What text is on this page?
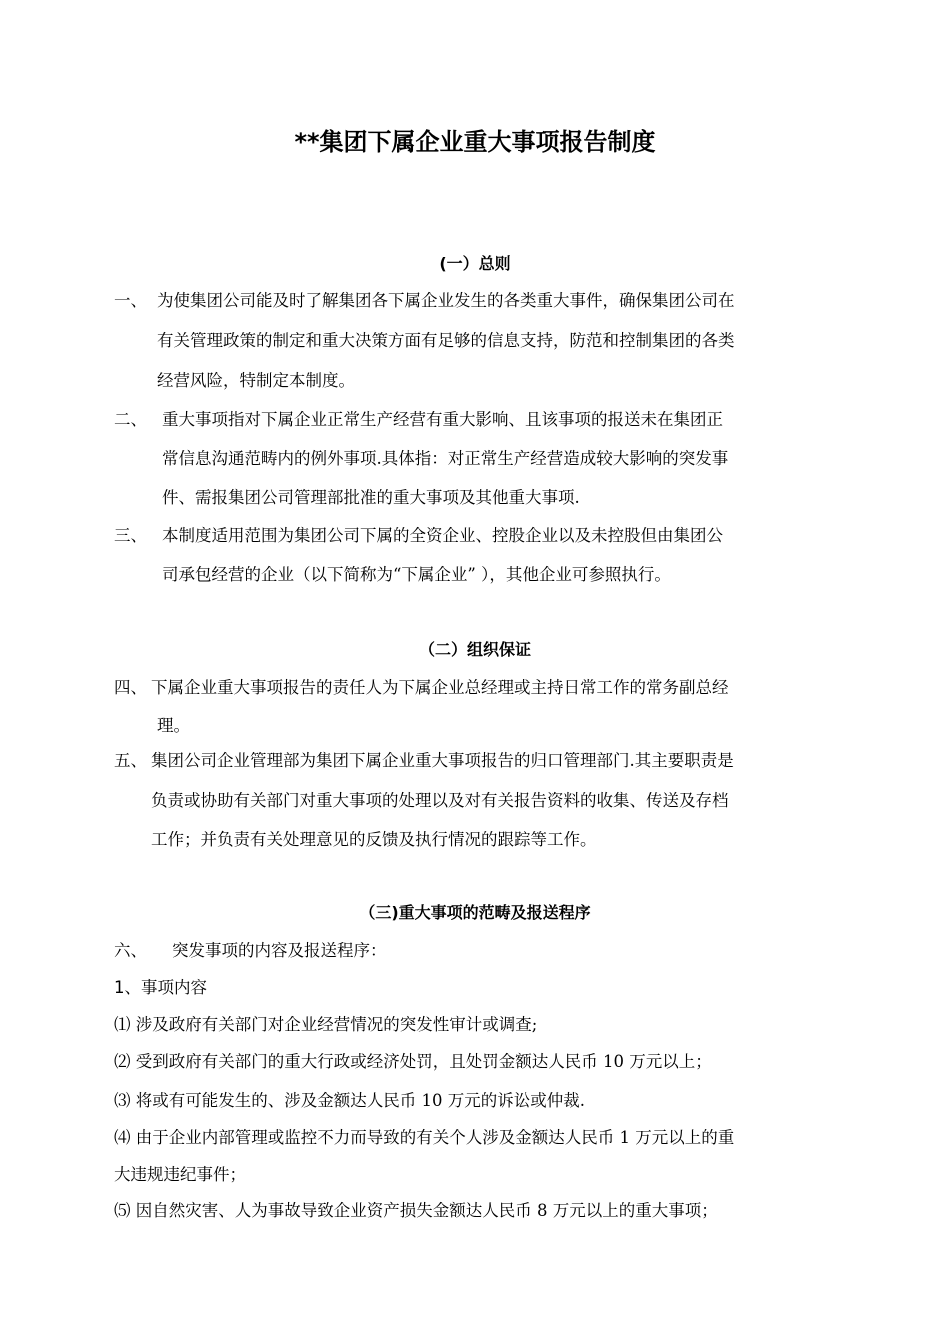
**集团下属企业重大事项报告制度
(一）总则
一、 为使集团公司能及时了解集团各下属企业发生的各类重大事件，确保集团公司在

有关管理政策的制定和重大决策方面有足够的信息支持，防范和控制集团的各类

经营风险，特制定本制度。

二、 重大事项指对下属企业正常生产经营有重大影响、且该事项的报送未在集团正

常信息沟通范畴内的例外事项.具体指：对正常生产经营造成较大影响的突发事

件、需报集团公司管理部批准的重大事项及其他重大事项.

三、 本制度适用范围为集团公司下属的全资企业、控股企业以及未控股但由集团公

司承包经营的企业（以下简称为“下属企业” ），其他企业可参照执行。

（二）组织保证
四、 下属企业重大事项报告的责任人为下属企业总经理或主持日常工作的常务副总经

理。

五、 集团公司企业管理部为集团下属企业重大事项报告的归口管理部门.其主要职责是

负责或协助有关部门对重大事项的处理以及对有关报告资料的收集、传送及存档

工作；并负责有关处理意见的反馈及执行情况的跟踪等工作。

（三)重大事项的范畴及报送程序
六、 突发事项的内容及报送程序：

1、事项内容

⑴ 涉及政府有关部门对企业经营情况的突发性审计或调查;

⑵ 受到政府有关部门的重大行政或经济处罚，且处罚金额达人民币 10 万元以上；

⑶ 将或有可能发生的、涉及金额达人民币 10 万元的诉讼或仲裁.

⑷ 由于企业内部管理或监控不力而导致的有关个人涉及金额达人民币 1 万元以上的重

大违规违纪事件；

⑸ 因自然灾害、人为事故导致企业资产损失金额达人民币 8 万元以上的重大事项；
